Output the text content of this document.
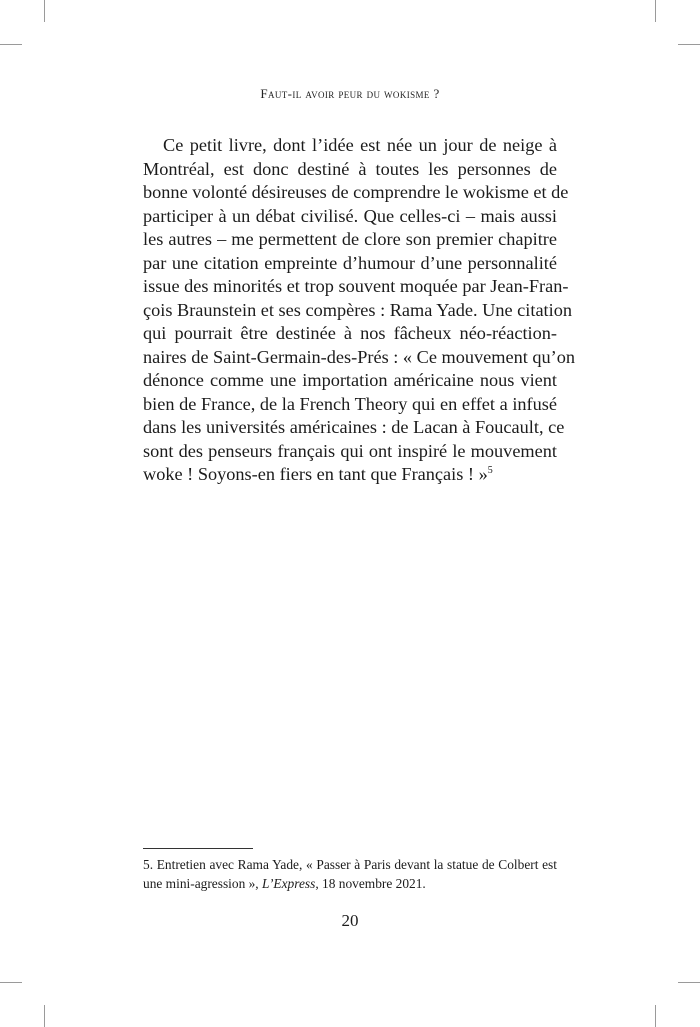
Faut-il avoir peur du wokisme ?
Ce petit livre, dont l’idée est née un jour de neige à
Montréal, est donc destiné à toutes les personnes de
bonne volonté désireuses de comprendre le wokisme et de
participer à un débat civilisé. Que celles-ci – mais aussi
les autres – me permettent de clore son premier chapitre
par une citation empreinte d’humour d’une personnalité
issue des minorités et trop souvent moquée par Jean-Fran-
çois Braunstein et ses compères : Rama Yade. Une citation
qui pourrait être destinée à nos fâcheux néo-réaction-
naires de Saint-Germain-des-Prés : « Ce mouvement qu’on
dénonce comme une importation américaine nous vient
bien de France, de la French Theory qui en effet a infusé
dans les universités américaines : de Lacan à Foucault, ce
sont des penseurs français qui ont inspiré le mouvement
woke ! Soyons-en fiers en tant que Français ! »$^5$
5. Entretien avec Rama Yade, « Passer à Paris devant la statue de Colbert est
une mini-agression », L’Express, 18 novembre 2021.
20
